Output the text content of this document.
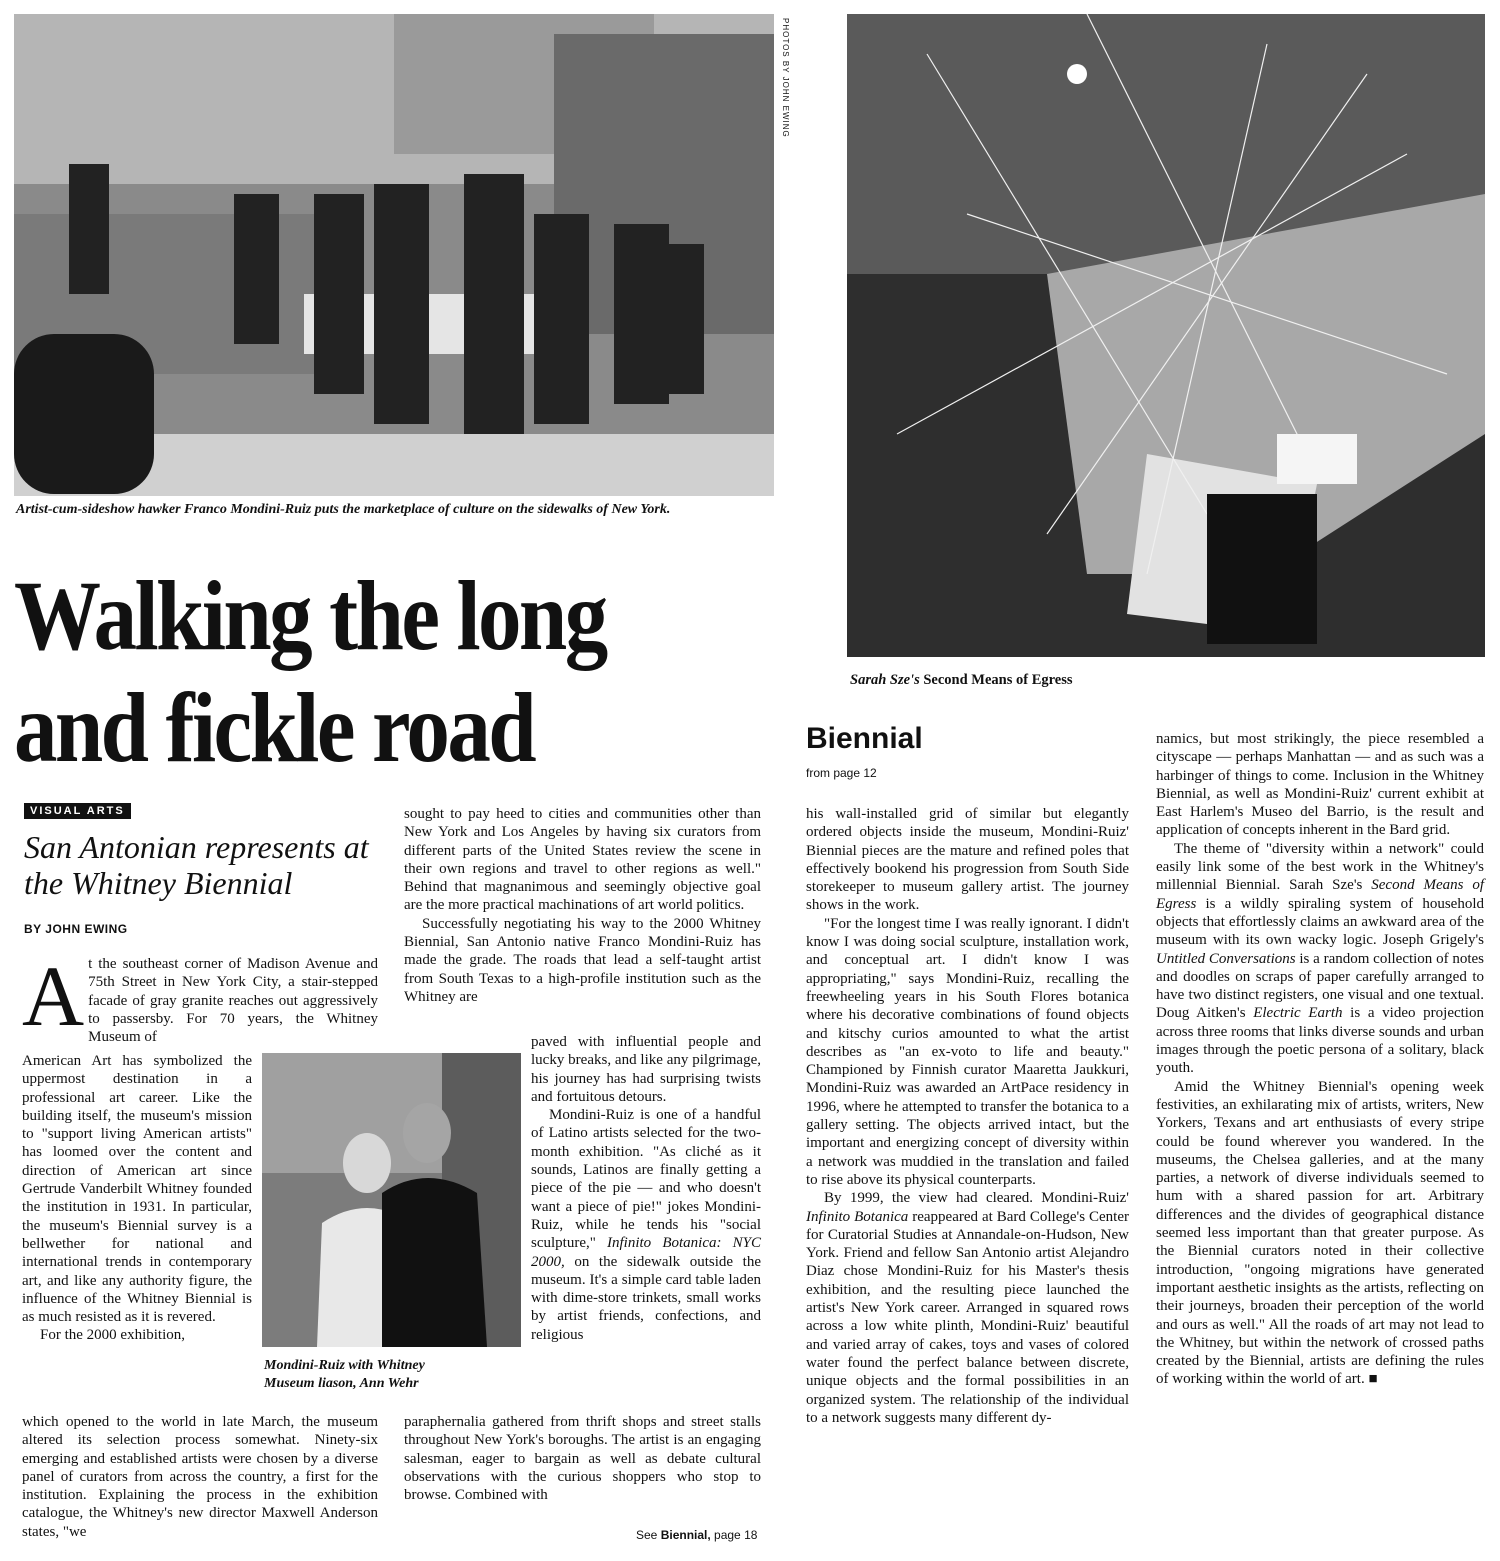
PHOTOS BY JOHN EWING
Artist-cum-sideshow hawker Franco Mondini-Ruiz puts the marketplace of culture on the sidewalks of New York.
Sarah Sze's Second Means of Egress
Walking the long
and fickle road
VISUAL ARTS
San Antonian represents at the Whitney Biennial
BY JOHN EWING
A t the southeast corner of Madison Avenue and 75th Street in New York City, a stair-stepped facade of gray granite reaches out aggressively to passersby. For 70 years, the Whitney Museum of

American Art has symbolized the uppermost destination in a professional art career. Like the building itself, the museum's mission to "support living American artists" has loomed over the content and direction of American art since Gertrude Vanderbilt Whitney founded the institution in 1931. In particular, the museum's Biennial survey is a bellwether for national and international trends in contemporary art, and like any authority figure, the influence of the Whitney Biennial is as much resisted as it is revered.

For the 2000 exhibition,

which opened to the world in late March, the museum altered its selection process somewhat. Ninety-six emerging and established artists were chosen by a diverse panel of curators from across the country, a first for the institution. Explaining the process in the exhibition catalogue, the Whitney's new director Maxwell Anderson states, "we

Mondini-Ruiz with Whitney Museum liason, Ann Wehr

sought to pay heed to cities and communities other than New York and Los Angeles by having six curators from different parts of the United States review the scene in their own regions and travel to other regions as well." Behind that magnanimous and seemingly objective goal are the more practical machinations of art world politics.

Successfully negotiating his way to the 2000 Whitney Biennial, San Antonio native Franco Mondini-Ruiz has made the grade. The roads that lead a self-taught artist from South Texas to a high-profile institution such as the Whitney are

paved with influential people and lucky breaks, and like any pilgrimage, his journey has had surprising twists and fortuitous detours.

Mondini-Ruiz is one of a handful of Latino artists selected for the two-month exhibition. "As cliché as it sounds, Latinos are finally getting a piece of the pie — and who doesn't want a piece of pie!" jokes Mondini-Ruiz, while he tends his "social sculpture," Infinito Botanica: NYC 2000, on the sidewalk outside the museum. It's a simple card table laden with dime-store trinkets, small works by artist friends, confections, and religious

paraphernalia gathered from thrift shops and street stalls throughout New York's boroughs. The artist is an engaging salesman, eager to bargain as well as debate cultural observations with the curious shoppers who stop to browse. Combined with

See Biennial, page 18
Biennial
from page 12

his wall-installed grid of similar but elegantly ordered objects inside the museum, Mondini-Ruiz' Biennial pieces are the mature and refined poles that effectively bookend his progression from South Side storekeeper to museum gallery artist. The journey shows in the work.

"For the longest time I was really ignorant. I didn't know I was doing social sculpture, installation work, and conceptual art. I didn't know I was appropriating," says Mondini-Ruiz, recalling the freewheeling years in his South Flores botanica where his decorative combinations of found objects and kitschy curios amounted to what the artist describes as "an ex-voto to life and beauty." Championed by Finnish curator Maaretta Jaukkuri, Mondini-Ruiz was awarded an ArtPace residency in 1996, where he attempted to transfer the botanica to a gallery setting. The objects arrived intact, but the important and energizing concept of diversity within a network was muddied in the translation and failed to rise above its physical counterparts.

By 1999, the view had cleared. Mondini-Ruiz' Infinito Botanica reappeared at Bard College's Center for Curatorial Studies at Annandale-on-Hudson, New York. Friend and fellow San Antonio artist Alejandro Diaz chose Mondini-Ruiz for his Master's thesis exhibition, and the resulting piece launched the artist's New York career. Arranged in squared rows across a low white plinth, Mondini-Ruiz' beautiful and varied array of cakes, toys and vases of colored water found the perfect balance between discrete, unique objects and the formal possibilities in an organized system. The relationship of the individual to a network suggests many different dy-

namics, but most strikingly, the piece resembled a cityscape — perhaps Manhattan — and as such was a harbinger of things to come. Inclusion in the Whitney Biennial, as well as Mondini-Ruiz' current exhibit at East Harlem's Museo del Barrio, is the result and application of concepts inherent in the Bard grid.

The theme of "diversity within a network" could easily link some of the best work in the Whitney's millennial Biennial. Sarah Sze's Second Means of Egress is a wildly spiraling system of household objects that effortlessly claims an awkward area of the museum with its own wacky logic. Joseph Grigely's Untitled Conversations is a random collection of notes and doodles on scraps of paper carefully arranged to have two distinct registers, one visual and one textual. Doug Aitken's Electric Earth is a video projection across three rooms that links diverse sounds and urban images through the poetic persona of a solitary, black youth.

Amid the Whitney Biennial's opening week festivities, an exhilarating mix of artists, writers, New Yorkers, Texans and art enthusiasts of every stripe could be found wherever you wandered. In the museums, the Chelsea galleries, and at the many parties, a network of diverse individuals seemed to hum with a shared passion for art. Arbitrary differences and the divides of geographical distance seemed less important than that greater purpose. As the Biennial curators noted in their collective introduction, "ongoing migrations have generated important aesthetic insights as the artists, reflecting on their journeys, broaden their perception of the world and ours as well." All the roads of art may not lead to the Whitney, but within the network of crossed paths created by the Biennial, artists are defining the rules of working within the world of art. ■
